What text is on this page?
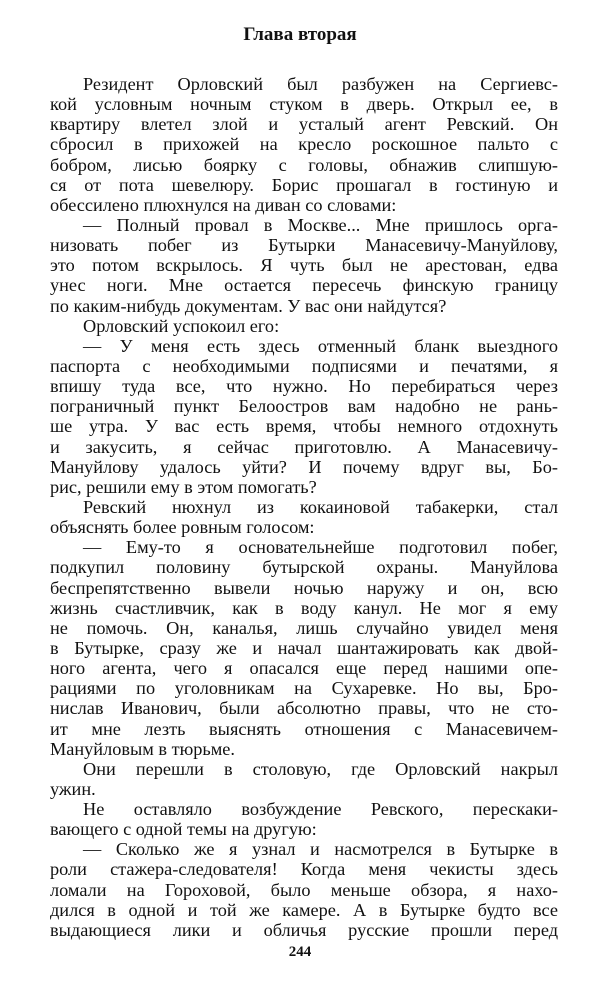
Глава вторая
Резидент Орловский был разбужен на Сергиевс-
кой условным ночным стуком в дверь. Открыл ее, в
квартиру влетел злой и усталый агент Ревский. Он
сбросил в прихожей на кресло роскошное пальто с
бобром, лисью боярку с головы, обнажив слипшую-
ся от пота шевелюру. Борис прошагал в гостиную и
обессилено плюхнулся на диван со словами:
— Полный провал в Москве... Мне пришлось орга-
низовать побег из Бутырки Манасевичу-Мануйлову,
это потом вскрылось. Я чуть был не арестован, едва
унес ноги. Мне остается пересечь финскую границу
по каким-нибудь документам. У вас они найдутся?
Орловский успокоил его:
— У меня есть здесь отменный бланк выездного
паспорта с необходимыми подписями и печатями, я
впишу туда все, что нужно. Но перебираться через
пограничный пункт Белоостров вам надобно не рань-
ше утра. У вас есть время, чтобы немного отдохнуть
и закусить, я сейчас приготовлю. А Манасевичу-
Мануйлову удалось уйти? И почему вдруг вы, Бо-
рис, решили ему в этом помогать?
Ревский нюхнул из кокаиновой табакерки, стал
объяснять более ровным голосом:
— Ему-то я основательнейше подготовил побег,
подкупил половину бутырской охраны. Мануйлова
беспрепятственно вывели ночью наружу и он, всю
жизнь счастливчик, как в воду канул. Не мог я ему
не помочь. Он, каналья, лишь случайно увидел меня
в Бутырке, сразу же и начал шантажировать как двой-
ного агента, чего я опасался еще перед нашими опе-
рациями по уголовникам на Сухаревке. Но вы, Бро-
нислав Иванович, были абсолютно правы, что не сто-
ит мне лезть выяснять отношения с Манасевичем-
Мануйловым в тюрьме.
Они перешли в столовую, где Орловский накрыл
ужин.
Не оставляло возбуждение Ревского, перескаки-
вающего с одной темы на другую:
— Сколько же я узнал и насмотрелся в Бутырке в
роли стажера-следователя! Когда меня чекисты здесь
ломали на Гороховой, было меньше обзора, я нахо-
дился в одной и той же камере. А в Бутырке будто все
выдающиеся лики и обличья русские прошли перед
244
